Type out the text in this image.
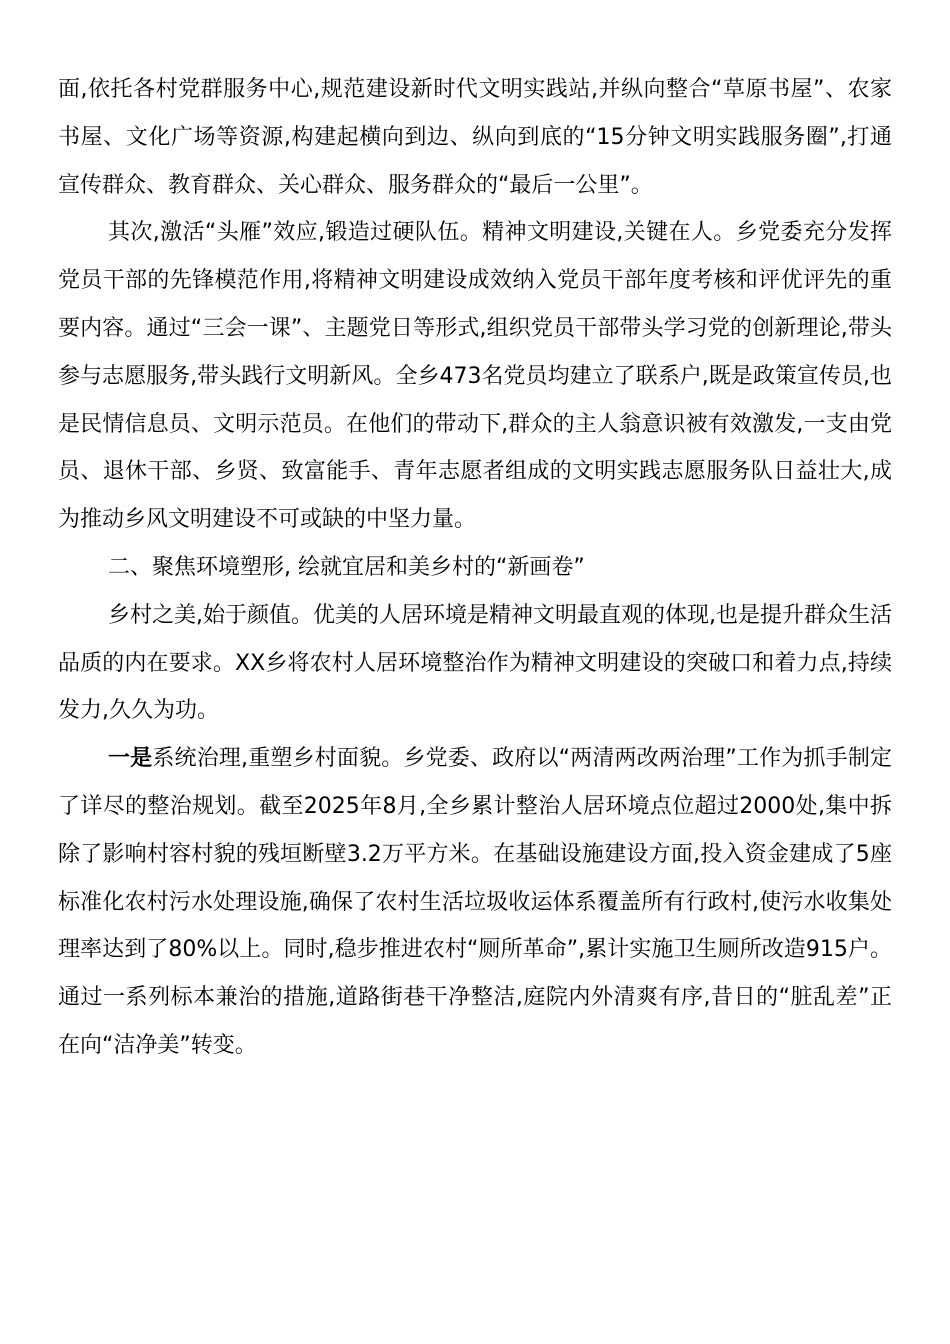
面,依托各村党群服务中心,规范建设新时代文明实践站,并纵向整合“草原书屋”、农家书屋、文化广场等资源,构建起横向到边、纵向到底的“15分钟文明实践服务圈”,打通宣传群众、教育群众、关心群众、服务群众的“最后一公里”。

其次,激活“头雁”效应,锻造过硬队伍。精神文明建设,关键在人。乡党委充分发挥党员干部的先锋模范作用,将精神文明建设成效纳入党员干部年度考核和评优评先的重要内容。通过“三会一课”、主题党日等形式,组织党员干部带头学习党的创新理论,带头参与志愿服务,带头践行文明新风。全乡473名党员均建立了联系户,既是政策宣传员,也是民情信息员、文明示范员。在他们的带动下,群众的主人翁意识被有效激发,一支由党员、退休干部、乡贤、致富能手、青年志愿者组成的文明实践志愿服务队日益壮大,成为推动乡风文明建设不可或缺的中坚力量。

二、聚焦环境塑形, 绘就宜居和美乡村的“新画卷”

乡村之美,始于颜值。优美的人居环境是精神文明最直观的体现,也是提升群众生活品质的内在要求。XX乡将农村人居环境整治作为精神文明建设的突破口和着力点,持续发力,久久为功。

一是系统治理,重塑乡村面貌。乡党委、政府以“两清两改两治理”工作为抓手制定了详尽的整治规划。截至2025年8月,全乡累计整治人居环境点位超过2000处,集中拆除了影响村容村貌的残垣断壁3.2万平方米。在基础设施建设方面,投入资金建成了5座标准化农村污水处理设施,确保了农村生活垃圾收运体系覆盖所有行政村,使污水收集处理率达到了80%以上。同时,稳步推进农村“厕所革命”,累计实施卫生厕所改造915户。通过一系列标本兼治的措施,道路街巷干净整洁,庭院内外清爽有序,昔日的“脏乱差”正在向“洁净美”转变。
